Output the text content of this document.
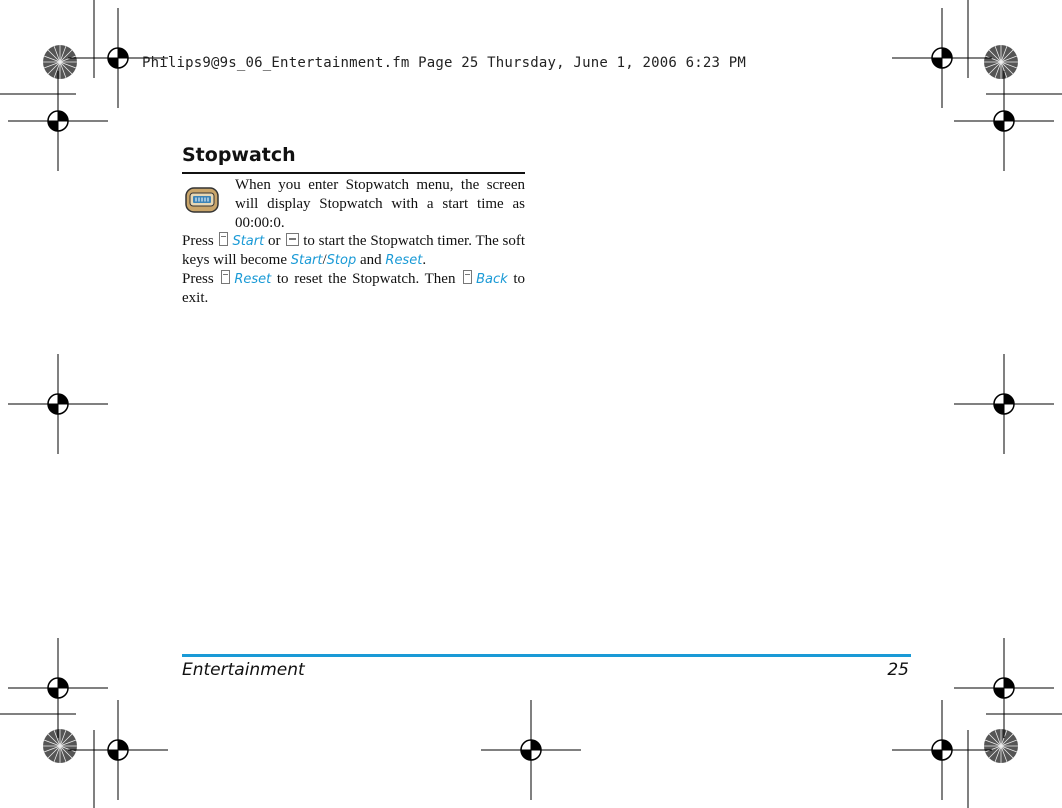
Philips9@9s_06_Entertainment.fm Page 25 Thursday, June 1, 2006 6:23 PM
Stopwatch
When you enter Stopwatch menu, the screen will display Stopwatch with a start time as 00:00:0.
Press Start or to start the Stopwatch timer. The soft keys will become Start/Stop and Reset.
Press Reset to reset the Stopwatch. Then Back to exit.
Entertainment	25
